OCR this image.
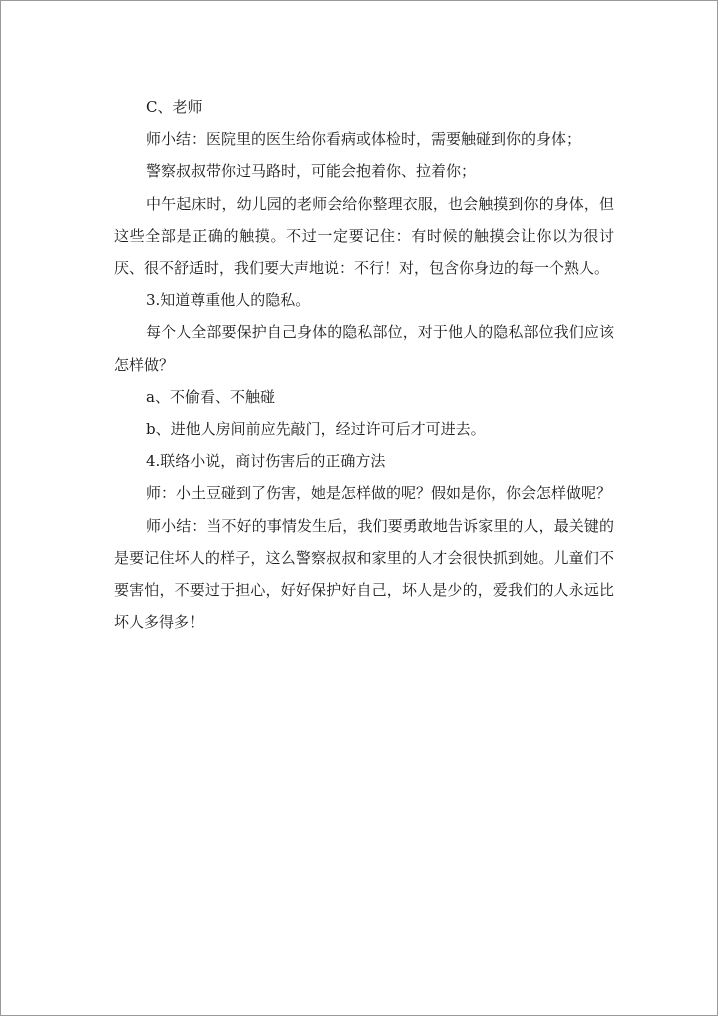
C、老师

师小结：医院里的医生给你看病或体检时，需要触碰到你的身体；

警察叔叔带你过马路时，可能会抱着你、拉着你；

中午起床时，幼儿园的老师会给你整理衣服，也会触摸到你的身体，但这些全部是正确的触摸。不过一定要记住：有时候的触摸会让你以为很讨厌、很不舒适时，我们要大声地说：不行！对，包含你身边的每一个熟人。

3.知道尊重他人的隐私。

每个人全部要保护自己身体的隐私部位，对于他人的隐私部位我们应该怎样做？

a、不偷看、不触碰

b、进他人房间前应先敲门，经过许可后才可进去。

4.联络小说，商讨伤害后的正确方法

师：小土豆碰到了伤害，她是怎样做的呢？假如是你，你会怎样做呢？

师小结：当不好的事情发生后，我们要勇敢地告诉家里的人，最关键的是要记住坏人的样子，这么警察叔叔和家里的人才会很快抓到她。儿童们不要害怕，不要过于担心，好好保护好自己，坏人是少的，爱我们的人永远比坏人多得多！
